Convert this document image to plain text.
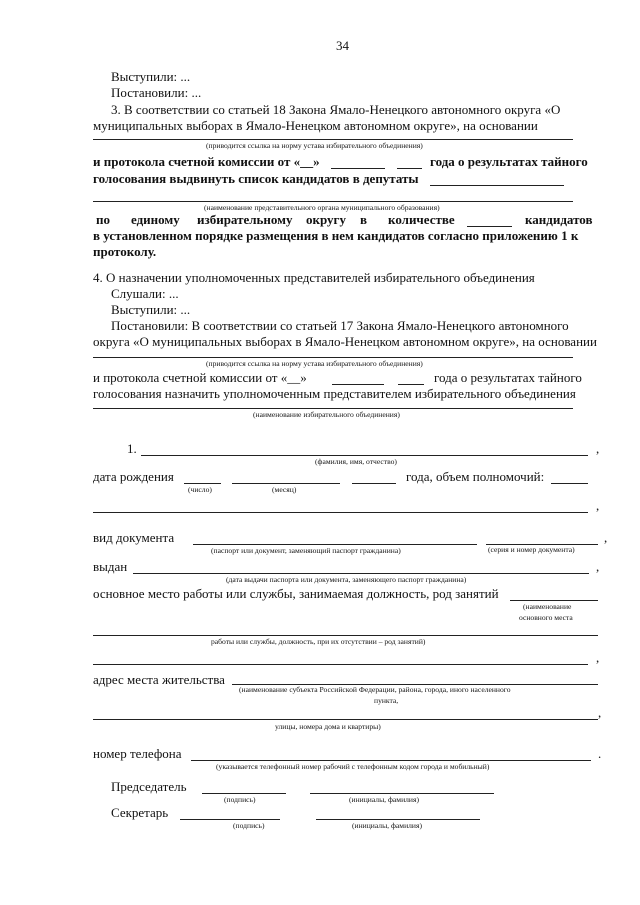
34
Выступили: ...
Постановили: ...
3. В соответствии со статьей 18 Закона Ямало-Ненецкого автономного округа «О
муниципальных выборах в Ямало-Ненецком автономном округе», на основании
(приводится ссылка на норму устава избирательного объединения)
и протокола счетной комиссии от «__»	года о результатах тайного
голосования выдвинуть список кандидатов в депутаты
(наименование представительного органа муниципального образования)
по единому избирательному округу в количестве	кандидатов
в установленном порядке размещения в нем кандидатов согласно приложению 1 к
протоколу.
4. О назначении уполномоченных представителей избирательного объединения
Слушали: ...
Выступили: ...
Постановили: В соответствии со статьей 17 Закона Ямало-Ненецкого автономного
округа «О муниципальных выборах в Ямало-Ненецком автономном округе», на основании
(приводится ссылка на норму устава избирательного объединения)
и протокола счетной комиссии от «__»	года о результатах тайного
голосования назначить уполномоченным представителем избирательного объединения
(наименование избирательного объединения)
1.	,
(фамилия, имя, отчество)
дата рождения	года, объем полномочий:
(число)	(месяц)
,
вид документа	,
(паспорт или документ, заменяющий паспорт гражданина)	(серия и номер документа)
выдан	,
(дата выдачи паспорта или документа, заменяющего паспорт гражданина)
основное место работы или службы, занимаемая должность, род занятий
(наименование
основного места
работы или службы, должность, при их отсутствии – род занятий)
,
адрес места жительства
(наименование субъекта Российской Федерации, района, города, иного населенного
пункта,
,
улицы, номера дома и квартиры)
номер телефона	.
(указывается телефонный номер рабочий с телефонным кодом города и мобильный)
Председатель
(подпись)	(инициалы, фамилия)
Секретарь
(подпись)	(инициалы, фамилия)
